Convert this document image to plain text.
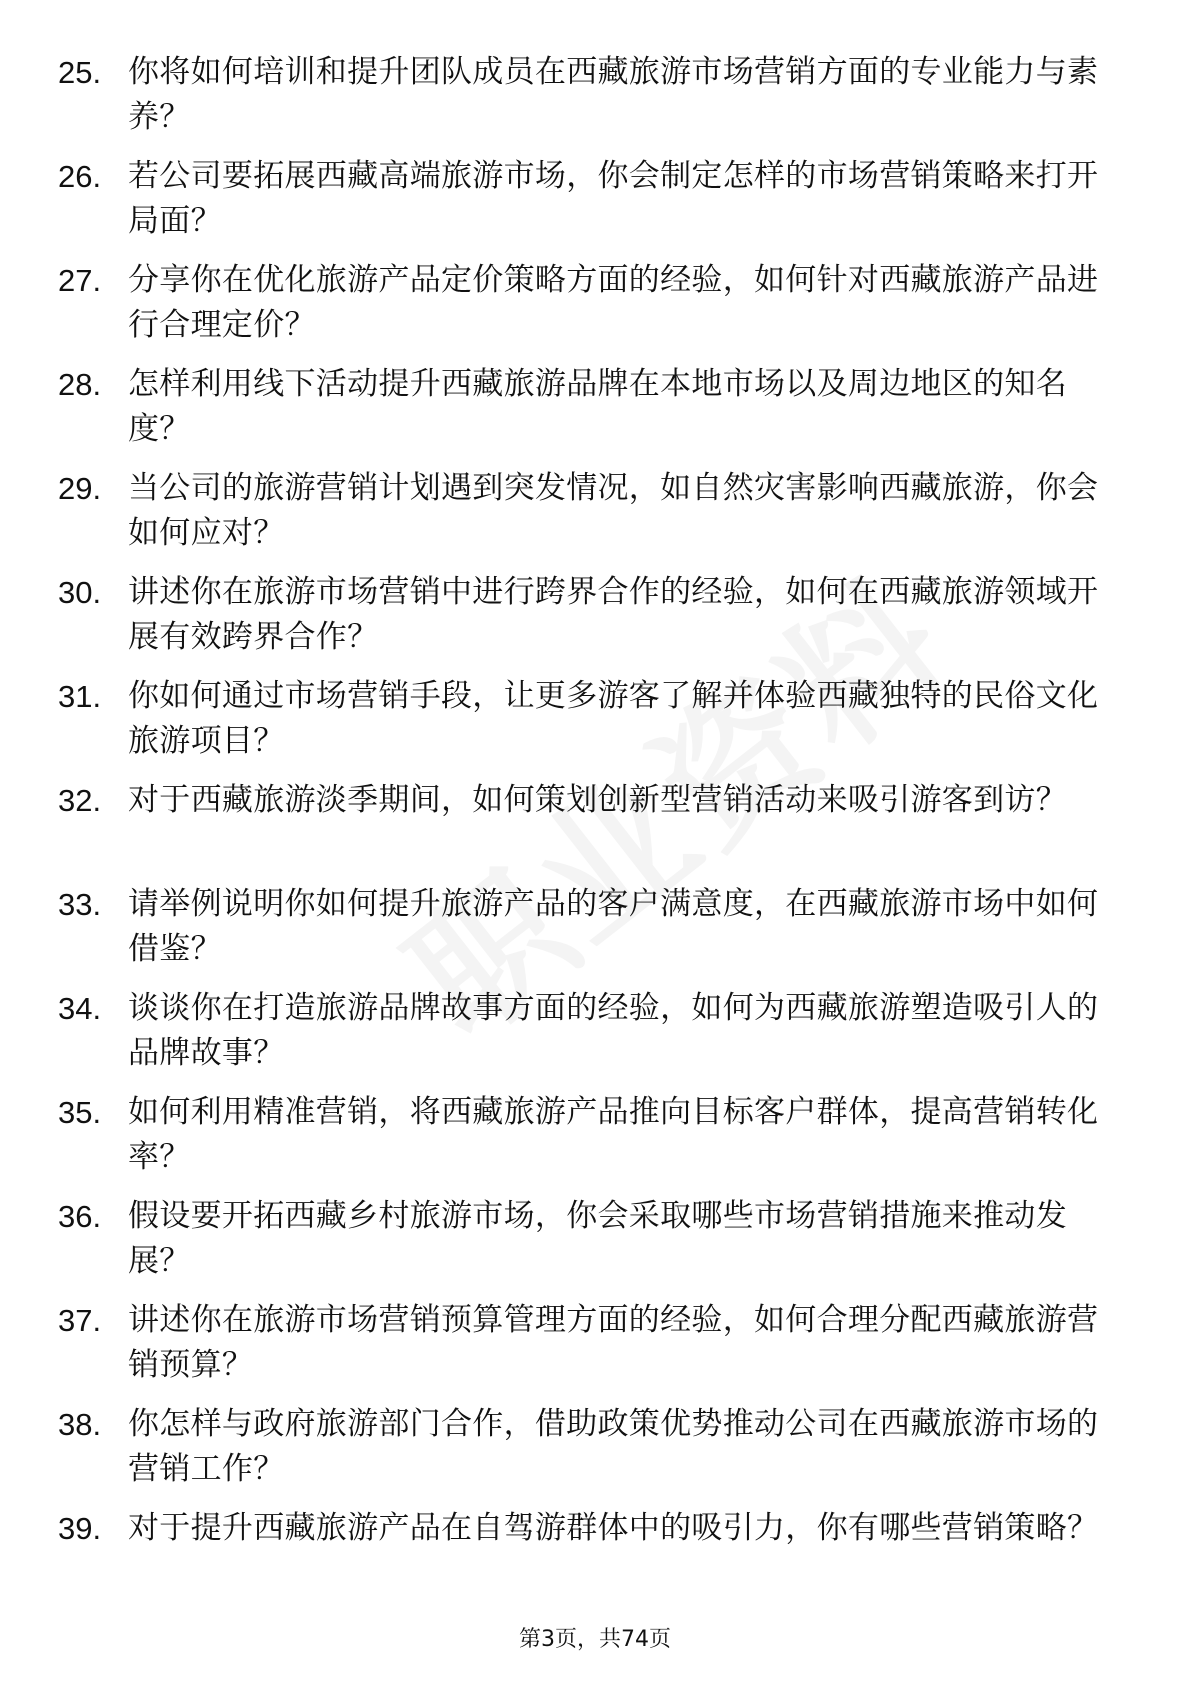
25. 你将如何培训和提升团队成员在西藏旅游市场营销方面的专业能力与素养？
26. 若公司要拓展西藏高端旅游市场，你会制定怎样的市场营销策略来打开局面？
27. 分享你在优化旅游产品定价策略方面的经验，如何针对西藏旅游产品进行合理定价？
28. 怎样利用线下活动提升西藏旅游品牌在本地市场以及周边地区的知名度？
29. 当公司的旅游营销计划遇到突发情况，如自然灾害影响西藏旅游，你会如何应对？
30. 讲述你在旅游市场营销中进行跨界合作的经验，如何在西藏旅游领域开展有效跨界合作？
31. 你如何通过市场营销手段，让更多游客了解并体验西藏独特的民俗文化旅游项目？
32. 对于西藏旅游淡季期间，如何策划创新型营销活动来吸引游客到访？
33. 请举例说明你如何提升旅游产品的客户满意度，在西藏旅游市场中如何借鉴？
34. 谈谈你在打造旅游品牌故事方面的经验，如何为西藏旅游塑造吸引人的品牌故事？
35. 如何利用精准营销，将西藏旅游产品推向目标客户群体，提高营销转化率？
36. 假设要开拓西藏乡村旅游市场，你会采取哪些市场营销措施来推动发展？
37. 讲述你在旅游市场营销预算管理方面的经验，如何合理分配西藏旅游营销预算？
38. 你怎样与政府旅游部门合作，借助政策优势推动公司在西藏旅游市场的营销工作？
39. 对于提升西藏旅游产品在自驾游群体中的吸引力，你有哪些营销策略？
第3页，共74页
